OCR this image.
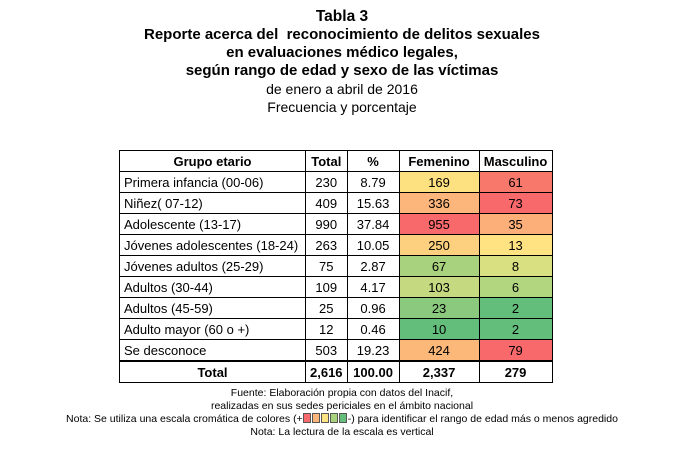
Tabla 3
Reporte acerca del  reconocimiento de delitos sexuales
en evaluaciones médico legales,
según rango de edad y sexo de las víctimas
de enero a abril de 2016
Frecuencia y porcentaje
Grupo etario	Total	%	Femenino	Masculino
Primera infancia (00-06)	230	8.79	169	61
Niñez( 07-12)	409	15.63	336	73
Adolescente (13-17)	990	37.84	955	35
Jóvenes adolescentes (18-24)	263	10.05	250	13
Jóvenes adultos (25-29)	75	2.87	67	8
Adultos (30-44)	109	4.17	103	6
Adultos (45-59)	25	0.96	23	2
Adulto mayor (60 o +)	12	0.46	10	2
Se desconoce	503	19.23	424	79
Total	2,616	100.00	2,337	279
Fuente: Elaboración propia con datos del Inacif,
realizadas en sus sedes periciales en el ámbito nacional
Nota: Se utiliza una escala cromática de colores (+	-) para identificar el rango de edad más o menos agredido
Nota: La lectura de la escala es vertical
